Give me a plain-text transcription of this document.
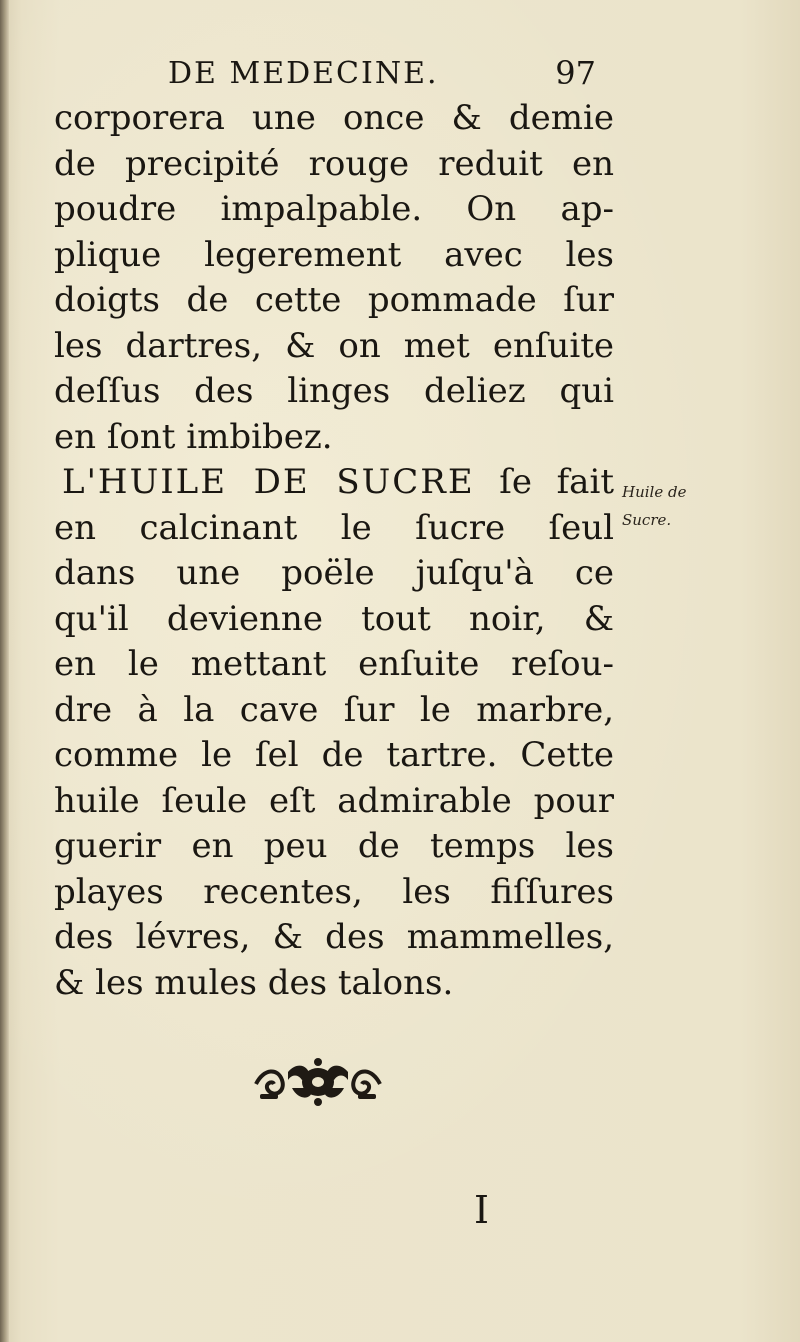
DE MEDECINE.	97
corporera une once & demie
de precipité rouge reduit en
poudre impalpable. On ap-
plique legerement avec les
doigts de cette pommade ſur
les dartres, & on met enſuite
deſſus des linges deliez qui
en ſont imbibez.
L'HUILE DE SUCRE ſe fait
en calcinant le ſucre ſeul
dans une poële juſqu'à ce
qu'il devienne tout noir, &
en le mettant enſuite reſou-
dre à la cave ſur le marbre,
comme le ſel de tartre. Cette
huile ſeule eſt admirable pour
guerir en peu de temps les
playes recentes, les fiſſures
des lévres, & des mammelles,
& les mules des talons.
Huile de
Sucre.
I
